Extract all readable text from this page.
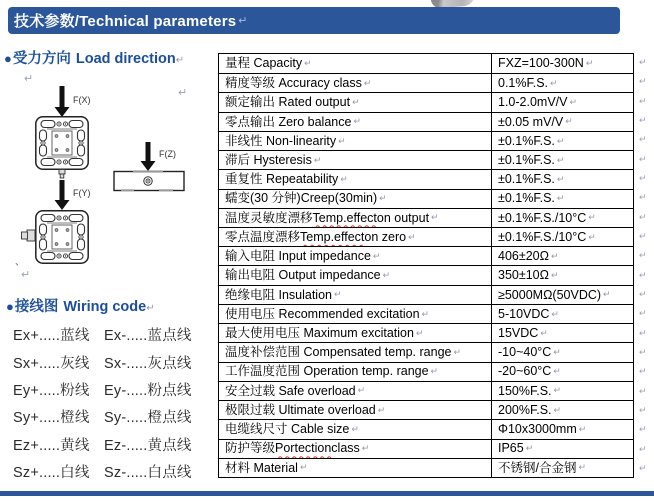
技术参数/Technical parameters ↵
● 受力方向 Load direction ↵
↵
↵
、
↵
F(X)
F(Z)
F(Y)
● 接线图 Wiring code ↵
Ex+.....蓝线 Ex-.....蓝点线
Sx+.....灰线 Sx-.....灰点线
Ey+.....粉线 Ey-.....粉点线
Sy+.....橙线 Sy-.....橙点线
Ez+.....黄线 Ez-.....黄点线
Sz+.....白线 Sz-.....白点线
量程 Capacity ↵	FXZ=100-300N ↵
精度等级 Accuracy class ↵	0.1%F.S. ↵
额定输出 Rated output ↵	1.0-2.0mV/V ↵
零点输出 Zero balance ↵	±0.05 mV/V ↵
非线性 Non-linearity ↵	±0.1%F.S. ↵
滞后 Hysteresis ↵	±0.1%F.S. ↵
重复性 Repeatability ↵	±0.1%F.S. ↵
蠕变(30 分钟)Creep(30min) ↵	±0.1%F.S. ↵
温度灵敏度漂移 Temp.effect on output ↵	±0.1%F.S./10°C ↵
零点温度漂移 Temp.effect on zero ↵	±0.1%F.S./10°C ↵
输入电阻 Input impedance ↵	406±20Ω ↵
输出电阻 Output impedance ↵	350±10Ω ↵
绝缘电阻 Insulation ↵	≥5000MΩ(50VDC) ↵
使用电压 Recommended excitation ↵	5-10VDC ↵
最大使用电压 Maximum excitation ↵	15VDC ↵
温度补偿范围 Compensated temp. range ↵	-10~40°C ↵
工作温度范围 Operation temp. range ↵	-20~60°C ↵
安全过载 Safe overload ↵	150%F.S. ↵
极限过载 Ultimate overload ↵	200%F.S. ↵
电缆线尺寸 Cable size ↵	Φ10x3000mm ↵
防护等级 Portection class ↵	IP65 ↵
材料 Material ↵	不锈钢/合金钢 ↵
↵
↵
↵
↵
↵
↵
↵
↵
↵
↵
↵
↵
↵
↵
↵
↵
↵
↵
↵
↵
↵
↵
